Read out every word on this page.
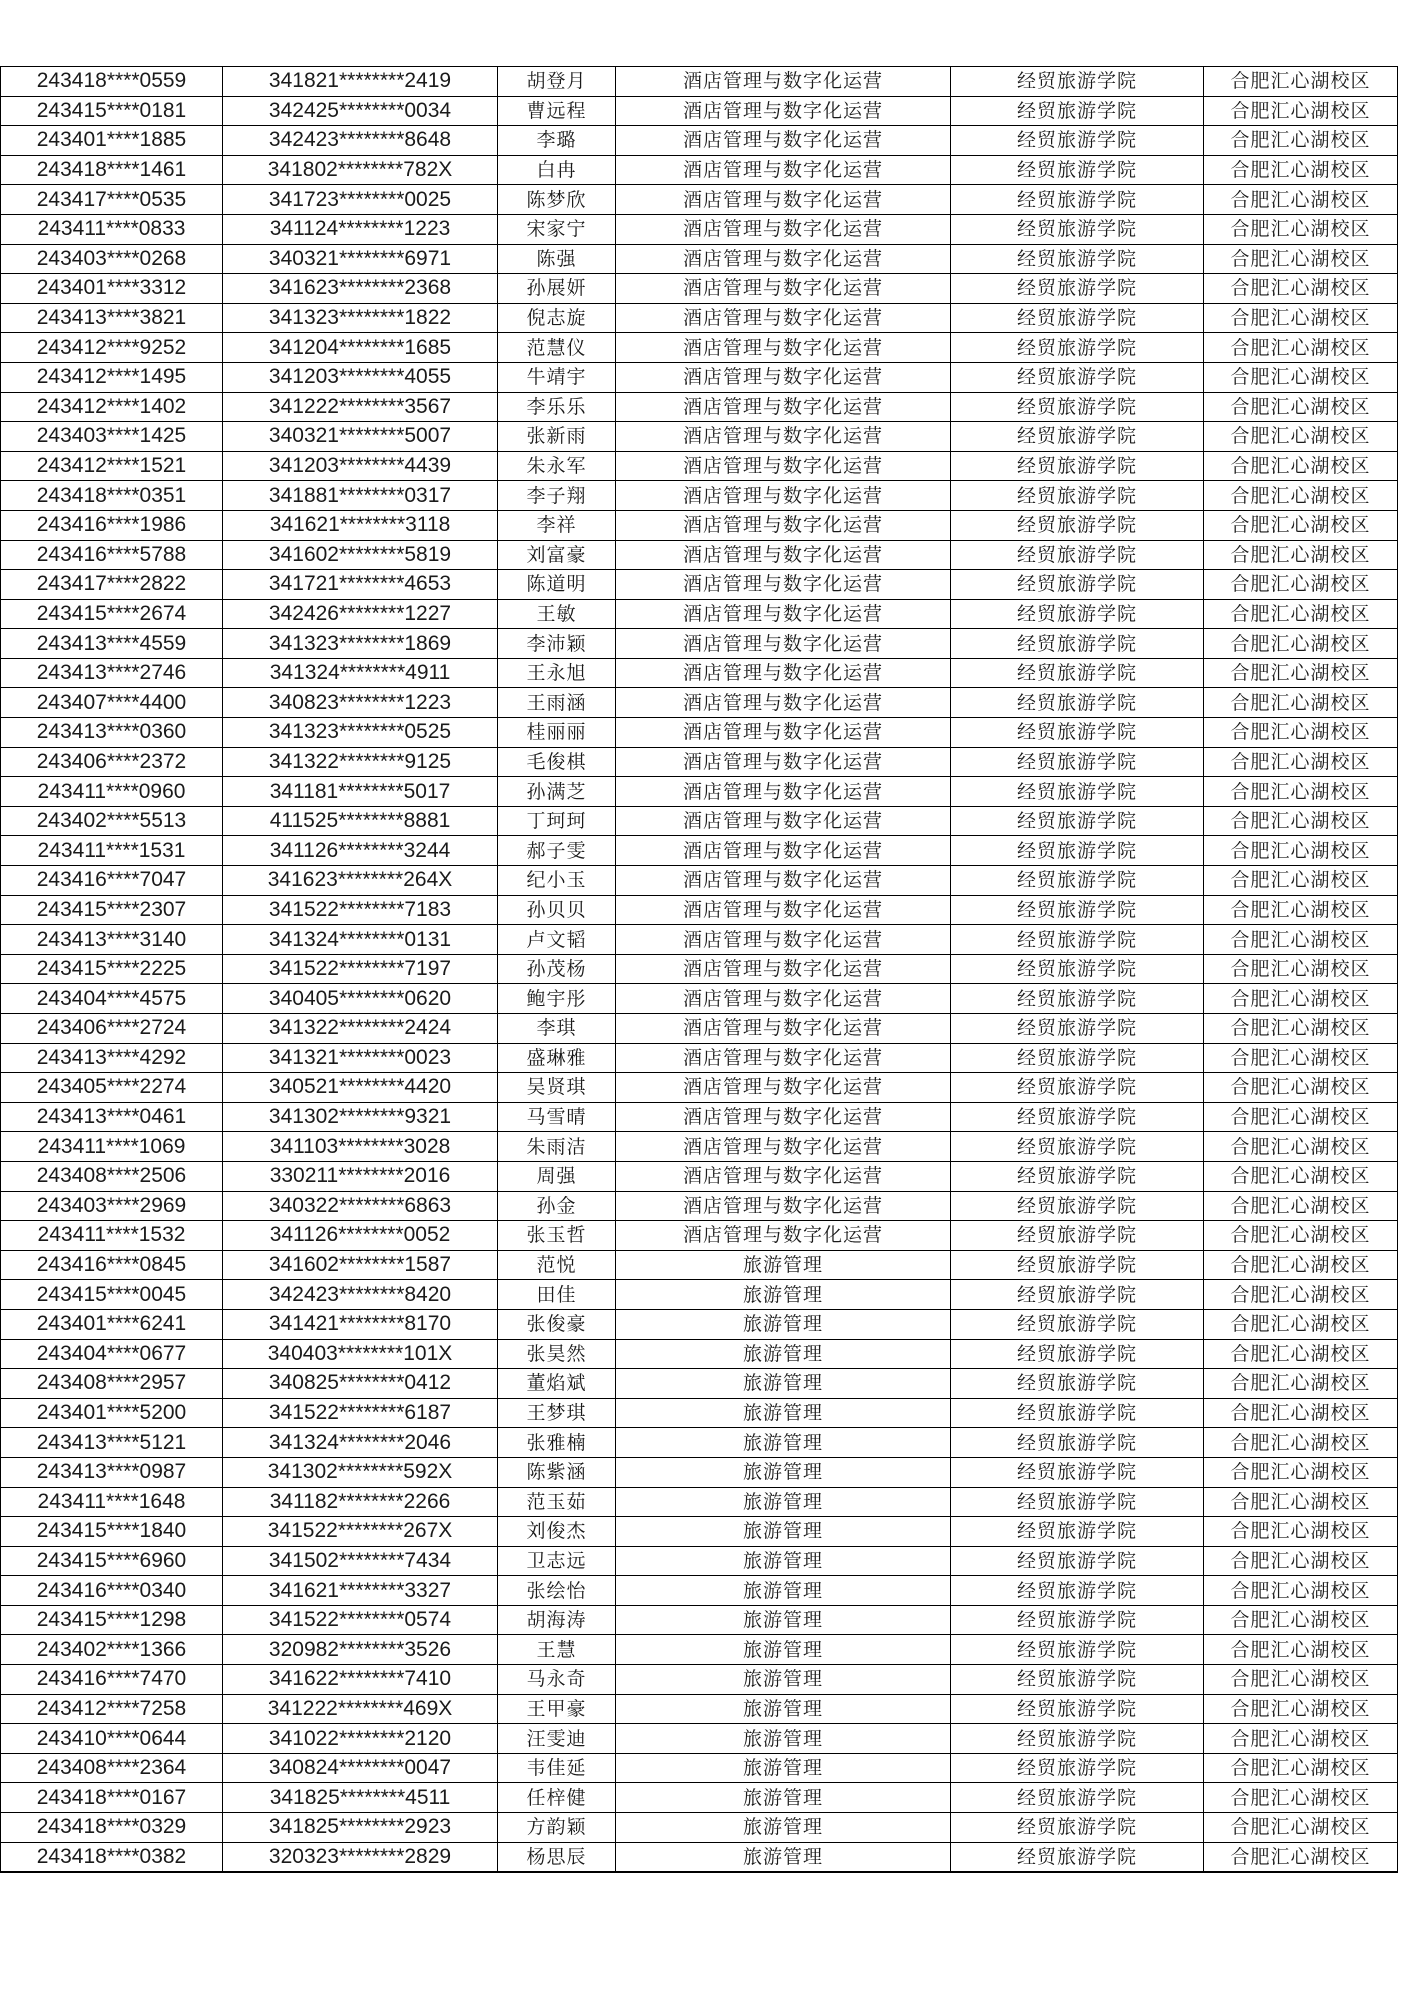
243418****0559	341821********2419	胡登月	酒店管理与数字化运营	经贸旅游学院	合肥汇心湖校区
243415****0181	342425********0034	曹远程	酒店管理与数字化运营	经贸旅游学院	合肥汇心湖校区
243401****1885	342423********8648	李璐	酒店管理与数字化运营	经贸旅游学院	合肥汇心湖校区
243418****1461	341802********782X	白冉	酒店管理与数字化运营	经贸旅游学院	合肥汇心湖校区
243417****0535	341723********0025	陈梦欣	酒店管理与数字化运营	经贸旅游学院	合肥汇心湖校区
243411****0833	341124********1223	宋家宁	酒店管理与数字化运营	经贸旅游学院	合肥汇心湖校区
243403****0268	340321********6971	陈强	酒店管理与数字化运营	经贸旅游学院	合肥汇心湖校区
243401****3312	341623********2368	孙展妍	酒店管理与数字化运营	经贸旅游学院	合肥汇心湖校区
243413****3821	341323********1822	倪志旋	酒店管理与数字化运营	经贸旅游学院	合肥汇心湖校区
243412****9252	341204********1685	范慧仪	酒店管理与数字化运营	经贸旅游学院	合肥汇心湖校区
243412****1495	341203********4055	牛靖宇	酒店管理与数字化运营	经贸旅游学院	合肥汇心湖校区
243412****1402	341222********3567	李乐乐	酒店管理与数字化运营	经贸旅游学院	合肥汇心湖校区
243403****1425	340321********5007	张新雨	酒店管理与数字化运营	经贸旅游学院	合肥汇心湖校区
243412****1521	341203********4439	朱永军	酒店管理与数字化运营	经贸旅游学院	合肥汇心湖校区
243418****0351	341881********0317	李子翔	酒店管理与数字化运营	经贸旅游学院	合肥汇心湖校区
243416****1986	341621********3118	李祥	酒店管理与数字化运营	经贸旅游学院	合肥汇心湖校区
243416****5788	341602********5819	刘富豪	酒店管理与数字化运营	经贸旅游学院	合肥汇心湖校区
243417****2822	341721********4653	陈道明	酒店管理与数字化运营	经贸旅游学院	合肥汇心湖校区
243415****2674	342426********1227	王敏	酒店管理与数字化运营	经贸旅游学院	合肥汇心湖校区
243413****4559	341323********1869	李沛颖	酒店管理与数字化运营	经贸旅游学院	合肥汇心湖校区
243413****2746	341324********4911	王永旭	酒店管理与数字化运营	经贸旅游学院	合肥汇心湖校区
243407****4400	340823********1223	王雨涵	酒店管理与数字化运营	经贸旅游学院	合肥汇心湖校区
243413****0360	341323********0525	桂丽丽	酒店管理与数字化运营	经贸旅游学院	合肥汇心湖校区
243406****2372	341322********9125	毛俊棋	酒店管理与数字化运营	经贸旅游学院	合肥汇心湖校区
243411****0960	341181********5017	孙满芝	酒店管理与数字化运营	经贸旅游学院	合肥汇心湖校区
243402****5513	411525********8881	丁珂珂	酒店管理与数字化运营	经贸旅游学院	合肥汇心湖校区
243411****1531	341126********3244	郝子雯	酒店管理与数字化运营	经贸旅游学院	合肥汇心湖校区
243416****7047	341623********264X	纪小玉	酒店管理与数字化运营	经贸旅游学院	合肥汇心湖校区
243415****2307	341522********7183	孙贝贝	酒店管理与数字化运营	经贸旅游学院	合肥汇心湖校区
243413****3140	341324********0131	卢文韬	酒店管理与数字化运营	经贸旅游学院	合肥汇心湖校区
243415****2225	341522********7197	孙茂杨	酒店管理与数字化运营	经贸旅游学院	合肥汇心湖校区
243404****4575	340405********0620	鲍宇彤	酒店管理与数字化运营	经贸旅游学院	合肥汇心湖校区
243406****2724	341322********2424	李琪	酒店管理与数字化运营	经贸旅游学院	合肥汇心湖校区
243413****4292	341321********0023	盛琳雅	酒店管理与数字化运营	经贸旅游学院	合肥汇心湖校区
243405****2274	340521********4420	吴贤琪	酒店管理与数字化运营	经贸旅游学院	合肥汇心湖校区
243413****0461	341302********9321	马雪晴	酒店管理与数字化运营	经贸旅游学院	合肥汇心湖校区
243411****1069	341103********3028	朱雨洁	酒店管理与数字化运营	经贸旅游学院	合肥汇心湖校区
243408****2506	330211********2016	周强	酒店管理与数字化运营	经贸旅游学院	合肥汇心湖校区
243403****2969	340322********6863	孙金	酒店管理与数字化运营	经贸旅游学院	合肥汇心湖校区
243411****1532	341126********0052	张玉哲	酒店管理与数字化运营	经贸旅游学院	合肥汇心湖校区
243416****0845	341602********1587	范悦	旅游管理	经贸旅游学院	合肥汇心湖校区
243415****0045	342423********8420	田佳	旅游管理	经贸旅游学院	合肥汇心湖校区
243401****6241	341421********8170	张俊豪	旅游管理	经贸旅游学院	合肥汇心湖校区
243404****0677	340403********101X	张昊然	旅游管理	经贸旅游学院	合肥汇心湖校区
243408****2957	340825********0412	董焰斌	旅游管理	经贸旅游学院	合肥汇心湖校区
243401****5200	341522********6187	王梦琪	旅游管理	经贸旅游学院	合肥汇心湖校区
243413****5121	341324********2046	张雅楠	旅游管理	经贸旅游学院	合肥汇心湖校区
243413****0987	341302********592X	陈紫涵	旅游管理	经贸旅游学院	合肥汇心湖校区
243411****1648	341182********2266	范玉茹	旅游管理	经贸旅游学院	合肥汇心湖校区
243415****1840	341522********267X	刘俊杰	旅游管理	经贸旅游学院	合肥汇心湖校区
243415****6960	341502********7434	卫志远	旅游管理	经贸旅游学院	合肥汇心湖校区
243416****0340	341621********3327	张绘怡	旅游管理	经贸旅游学院	合肥汇心湖校区
243415****1298	341522********0574	胡海涛	旅游管理	经贸旅游学院	合肥汇心湖校区
243402****1366	320982********3526	王慧	旅游管理	经贸旅游学院	合肥汇心湖校区
243416****7470	341622********7410	马永奇	旅游管理	经贸旅游学院	合肥汇心湖校区
243412****7258	341222********469X	王甲豪	旅游管理	经贸旅游学院	合肥汇心湖校区
243410****0644	341022********2120	汪雯迪	旅游管理	经贸旅游学院	合肥汇心湖校区
243408****2364	340824********0047	韦佳延	旅游管理	经贸旅游学院	合肥汇心湖校区
243418****0167	341825********4511	任梓健	旅游管理	经贸旅游学院	合肥汇心湖校区
243418****0329	341825********2923	方韵颖	旅游管理	经贸旅游学院	合肥汇心湖校区
243418****0382	320323********2829	杨思辰	旅游管理	经贸旅游学院	合肥汇心湖校区
